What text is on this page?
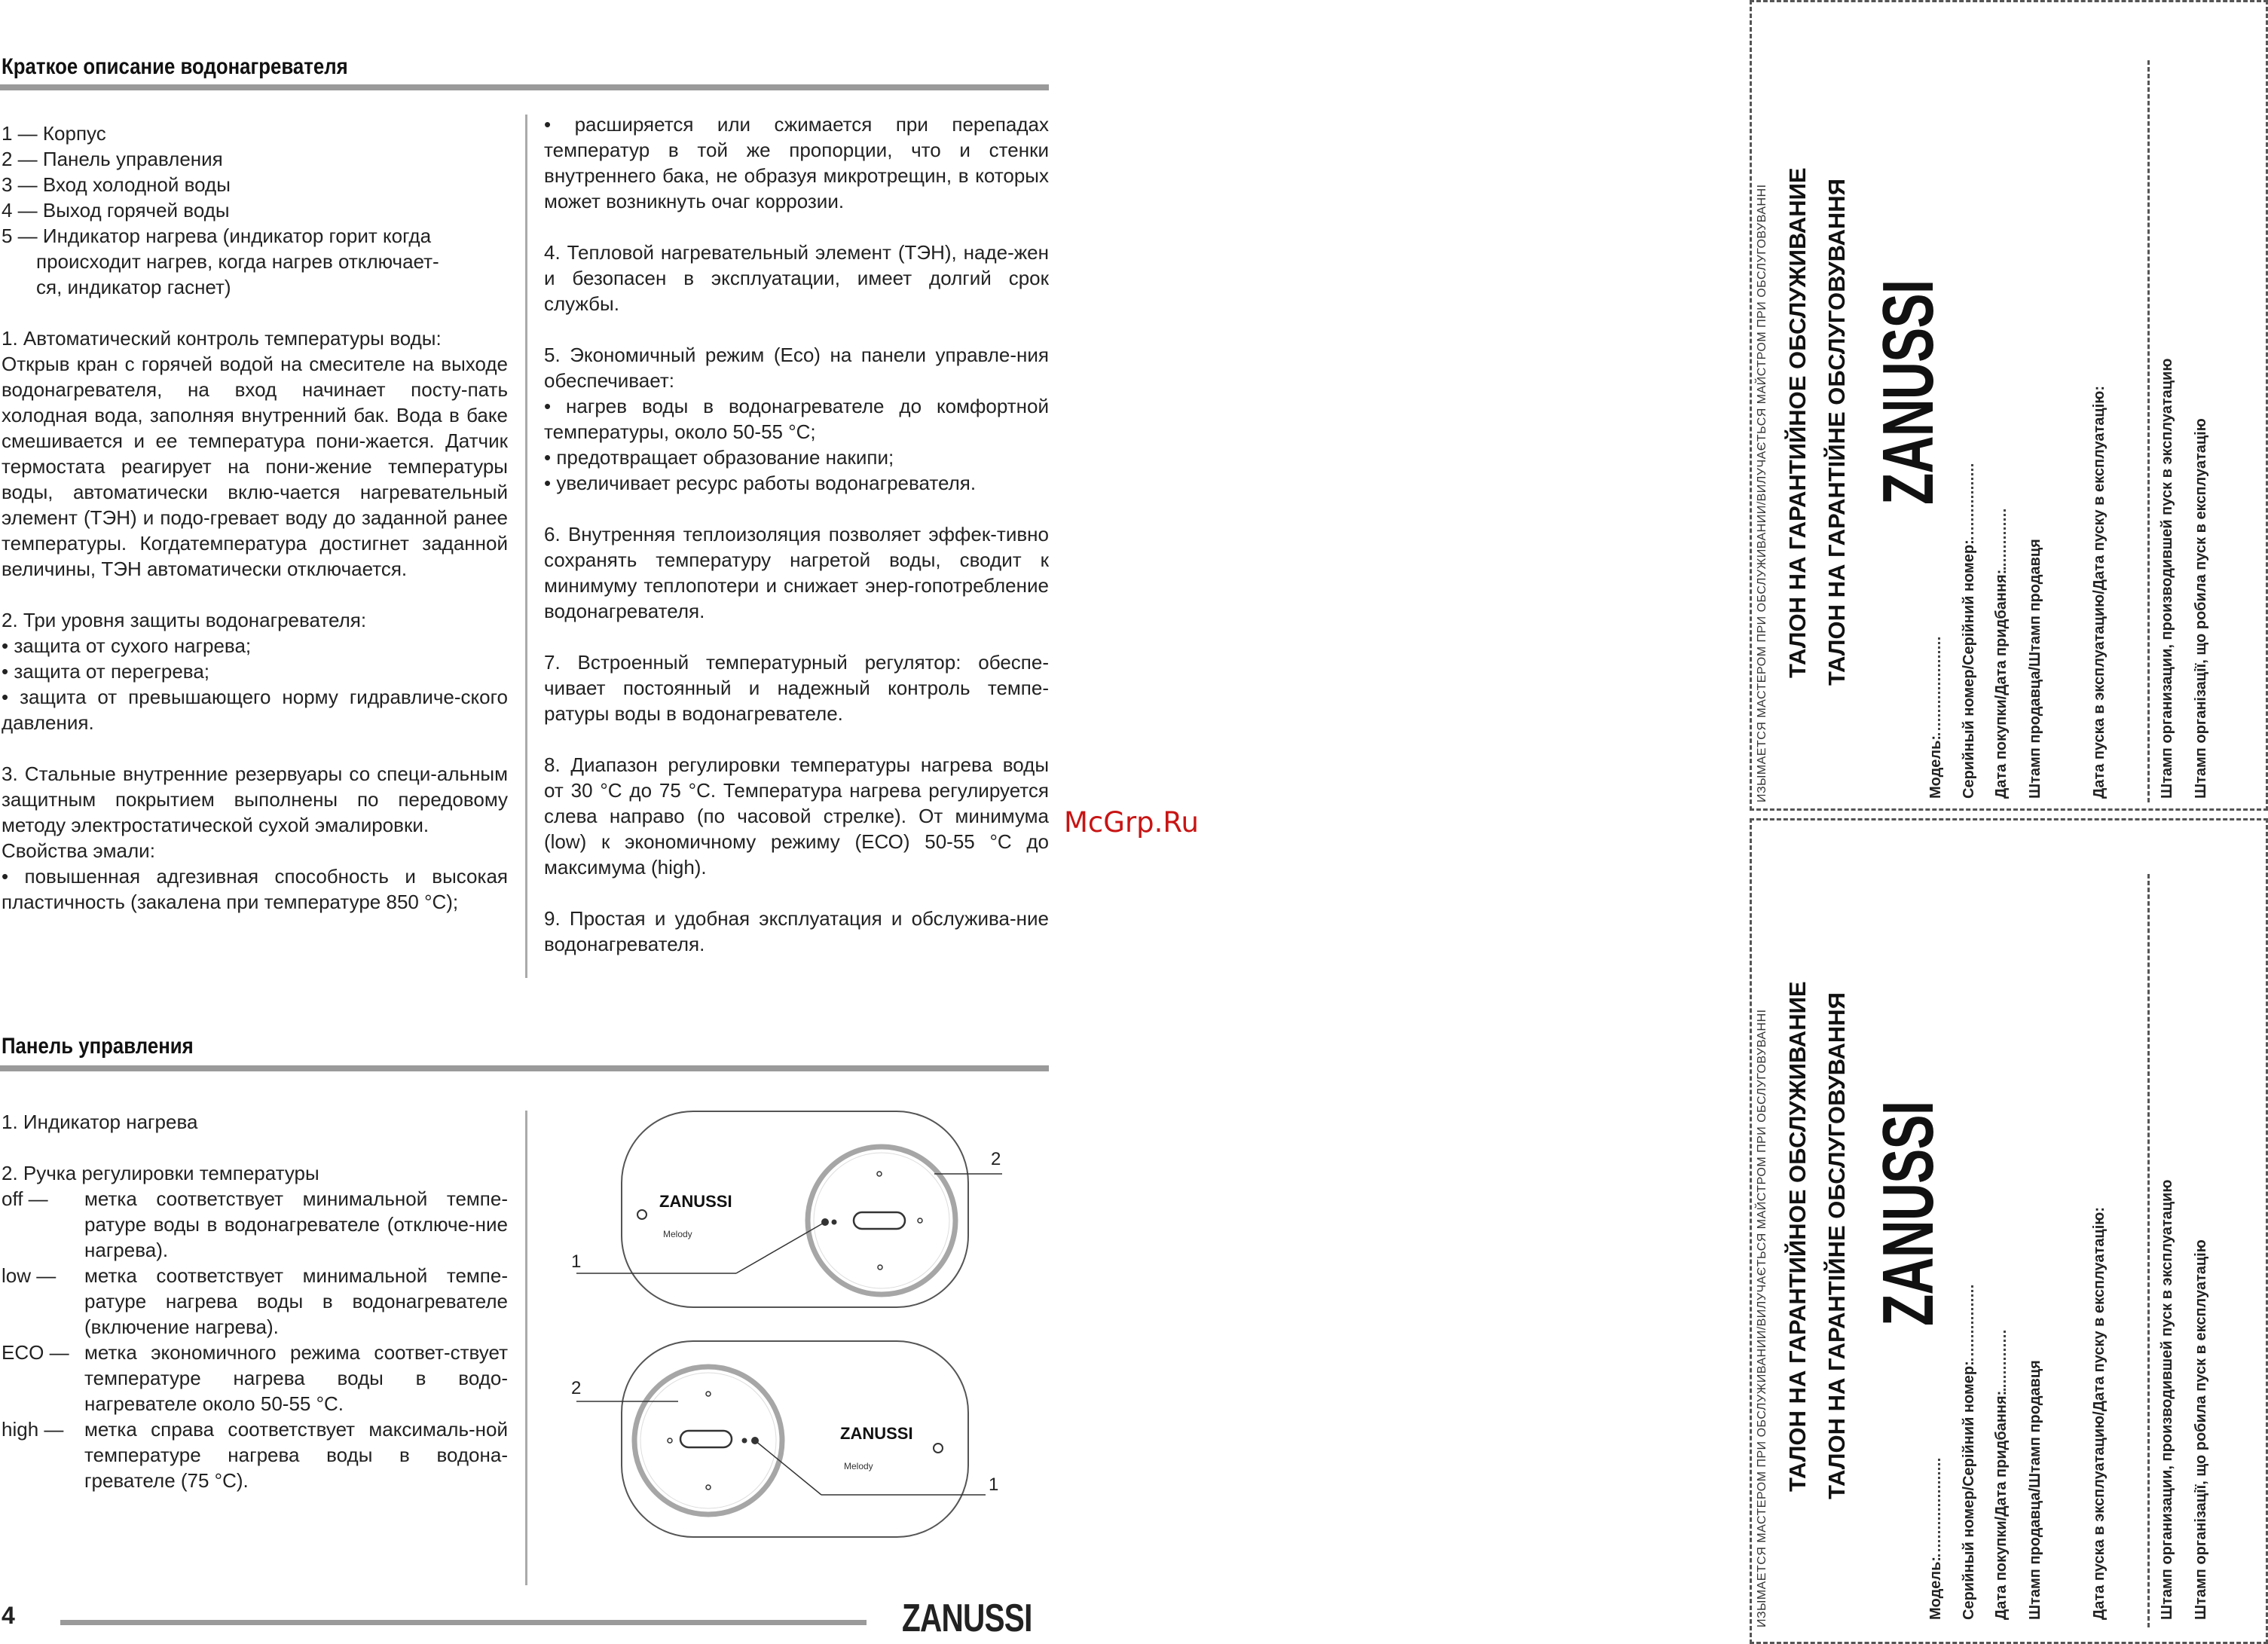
Краткое описание водонагревателя

1 — Корпус

2 — Панель управления

3 — Вход холодной воды

4 — Выход горячей воды

5 — Индикатор нагрева (индикатор горит когда

происходит нагрев, когда нагрев отключает-

ся, индикатор гаснет)

1. Автоматический контроль температуры воды:
Открыв кран с горячей водой на смесителе на выходе водонагревателя, на вход начинает посту-пать холодная вода, заполняя внутренний бак. Вода в баке смешивается и ее температура пони-жается. Датчик термостата реагирует на пони-жение температуры воды, автоматически вклю-чается нагревательный элемент (ТЭН) и подо-гревает воду до заданной ранее температуры. Когдатемпература достигнет заданной величины, ТЭН автоматически отключается.
2. Три уровня защиты водонагревателя:
• защита от сухого нагрева;
• защита от перегрева;
• защита от превышающего норму гидравличе-ского давления.
3. Стальные внутренние резервуары со специ-альным защитным покрытием выполнены по передовому методу электростатической сухой эмалировки.
Свойства эмали:
• повышенная адгезивная способность и высокая пластичность (закалена при температуре 850 °С);

• расширяется или сжимается при перепадах температур в той же пропорции, что и стенки внутреннего бака, не образуя микротрещин, в которых может возникнуть очаг коррозии.

4. Тепловой нагревательный элемент (ТЭН), наде-жен и безопасен в эксплуатации, имеет долгий срок службы.

5. Экономичный режим (Eco) на панели управле-ния обеспечивает:
• нагрев воды в водонагревателе до комфортной температуры, около 50-55 °С;
• предотвращает образование накипи;
• увеличивает ресурс работы водонагревателя.

6. Внутренняя теплоизоляция позволяет эффек-тивно сохранять температуру нагретой воды, сводит к минимуму теплопотери и снижает энер-гопотребление водонагревателя.

7. Встроенный температурный регулятор: обеспе-чивает постоянный и надежный контроль темпе-ратуры воды в водонагревателе.

8. Диапазон регулировки температуры нагрева воды от 30 °С до 75 °С. Температура нагрева регулируется слева направо (по часовой стрелке). От минимума (low) к экономичному режиму (ЕСО) 50-55 °С до максимума (high).

9. Простая и удобная эксплуатация и обслужива-ние водонагревателя.

McGrp.Ru
Панель управления
1. Индикатор нагрева
2. Ручка регулировки температуры
off —	метка соответствует минимальной темпе-ратуре воды в водонагревателе (отключе-ние нагрева).
low —	метка соответствует минимальной темпе-ратуре нагрева воды в водонагревателе (включение нагрева).
ECO — метка экономичного режима соответ-ствует температуре нагрева воды в водо-нагревателе около 50-55 °С.
high —	метка справа соответствует максималь-ной температуре нагрева воды в водона-гревателе (75 °С).
ZANUSSI
Melody
1
2
ZANUSSI
Melody
1
2
4	ZANUSSI
ИЗЫМАЕТСЯ МАСТЕРОМ ПРИ ОБСЛУЖИВАНИИ/ВИЛУЧАЄТЬСЯ МАЙСТРОМ ПРИ ОБСЛУГОВУВАННІ ТАЛОН НА ГАРАНТИЙНОЕ ОБСЛУЖИВАНИЕ ТАЛОН НА ГАРАНТІЙНЕ ОБСЛУГОВУВАННЯ ZANUSSI
Модель: Серийный номер/Серійний номер: Дата покупки/Дата придбання: Штамп продавца/Штамп продавця	Дата пуска в эксплуатацию/Дата пуску в експлуатацію:	Штамп организации, производившей пуск в эксплуатацию Штамп організації, що робила пуск в експлуатацію
ИЗЫМАЕТСЯ МАСТЕРОМ ПРИ ОБСЛУЖИВАНИИ/ВИЛУЧАЄТЬСЯ МАЙСТРОМ ПРИ ОБСЛУГОВУВАННІ ТАЛОН НА ГАРАНТИЙНОЕ ОБСЛУЖИВАНИЕ ТАЛОН НА ГАРАНТІЙНЕ ОБСЛУГОВУВАННЯ ZANUSSI
Модель: Серийный номер/Серійний номер: Дата покупки/Дата придбання: Штамп продавца/Штамп продавця	Дата пуска в эксплуатацию/Дата пуску в експлуатацію:	Штамп организации, производившей пуск в эксплуатацию Штамп організації, що робила пуск в експлуатацію
